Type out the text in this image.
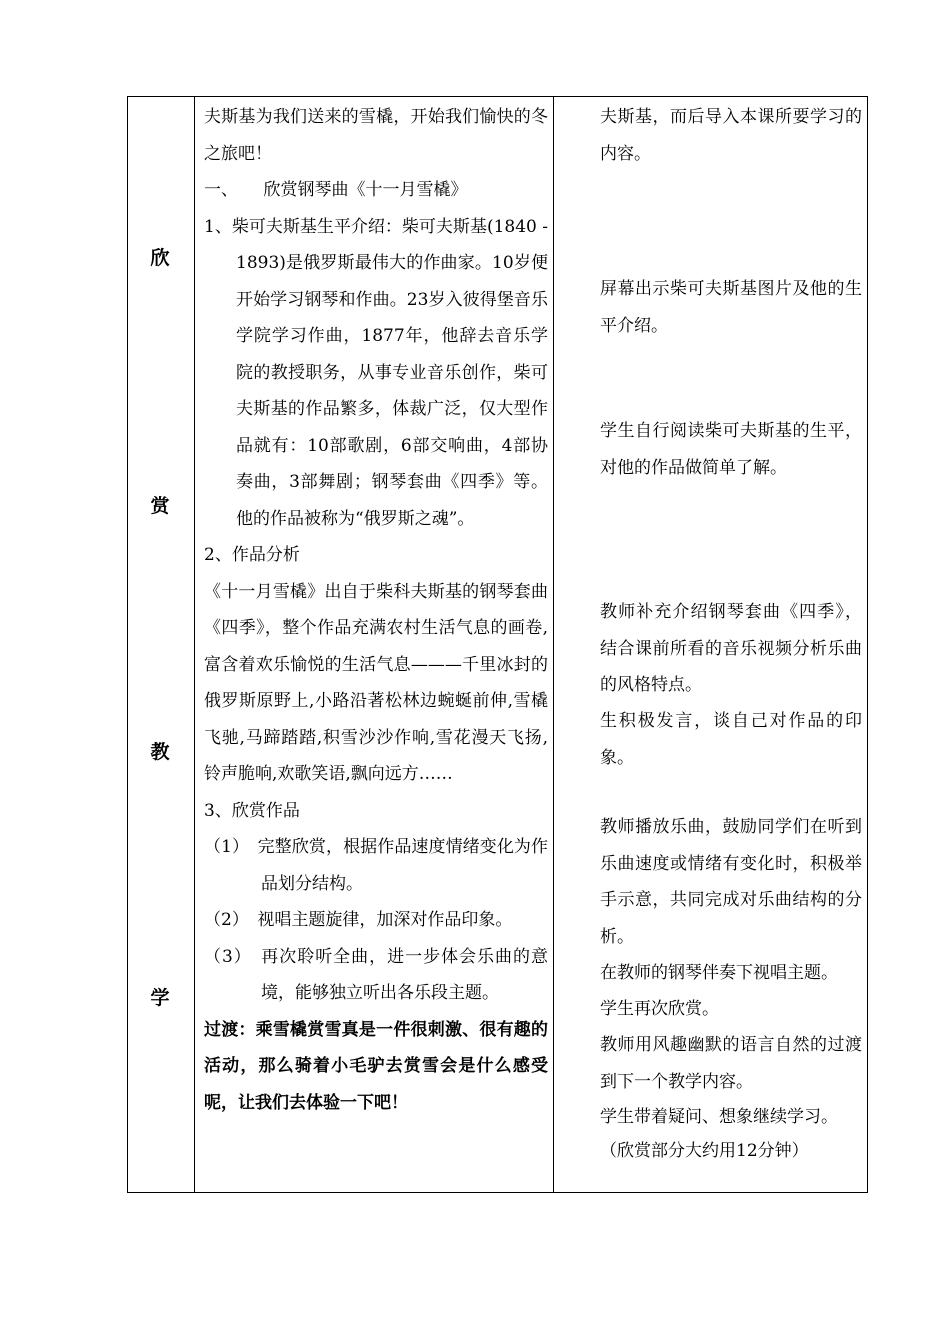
欣
赏
教
学

夫斯基为我们送来的雪橇，开始我们愉快的冬之旅吧！

一、　　欣赏钢琴曲《十一月雪橇》

1、柴可夫斯基生平介绍：柴可夫斯基(1840 - 1893)是俄罗斯最伟大的作曲家。10岁便开始学习钢琴和作曲。23岁入彼得堡音乐学院学习作曲，1877年，他辞去音乐学院的教授职务，从事专业音乐创作，柴可夫斯基的作品繁多，体裁广泛，仅大型作品就有：10部歌剧，6部交响曲，4部协奏曲，3部舞剧；钢琴套曲《四季》等。他的作品被称为“俄罗斯之魂”。

2、作品分析

《十一月雪橇》出自于柴科夫斯基的钢琴套曲《四季》，整个作品充满农村生活气息的画卷,富含着欢乐愉悦的生活气息———千里冰封的俄罗斯原野上,小路沿著松林边蜿蜒前伸,雪橇飞驰,马蹄踏踏,积雪沙沙作响,雪花漫天飞扬,铃声脆响,欢歌笑语,飘向远方……

3、欣赏作品

（1）　完整欣赏，根据作品速度情绪变化为作品划分结构。

（2）　视唱主题旋律，加深对作品印象。

（3）　再次聆听全曲，进一步体会乐曲的意境，能够独立听出各乐段主题。

过渡：乘雪橇赏雪真是一件很刺激、很有趣的活动，那么骑着小毛驴去赏雪会是什么感受呢，让我们去体验一下吧！

夫斯基，而后导入本课所要学习的内容。
屏幕出示柴可夫斯基图片及他的生平介绍。
学生自行阅读柴可夫斯基的生平，对他的作品做简单了解。
教师补充介绍钢琴套曲《四季》，结合课前所看的音乐视频分析乐曲的风格特点。
生积极发言，谈自己对作品的印象。
教师播放乐曲，鼓励同学们在听到乐曲速度或情绪有变化时，积极举手示意，共同完成对乐曲结构的分析。
在教师的钢琴伴奏下视唱主题。
学生再次欣赏。
教师用风趣幽默的语言自然的过渡到下一个教学内容。
学生带着疑问、想象继续学习。
（欣赏部分大约用12分钟）
